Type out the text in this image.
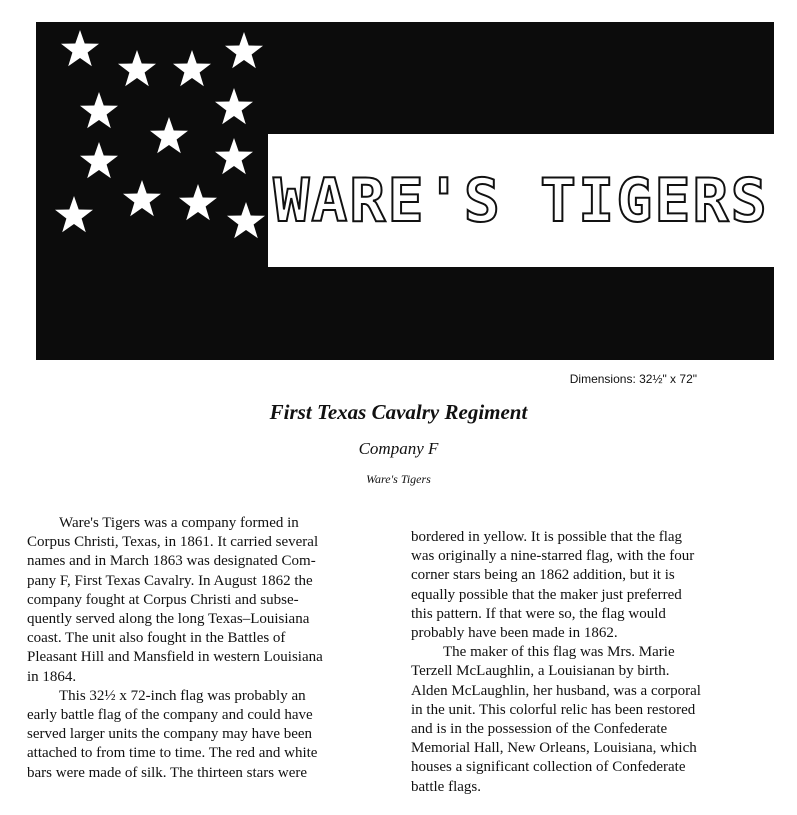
WARE'S TIGERS
Dimensions: 32½" x 72"
First Texas Cavalry Regiment
Company F
Ware's Tigers

Ware's Tigers was a company formed in

Corpus Christi, Texas, in 1861. It carried several

names and in March 1863 was designated Com-

pany F, First Texas Cavalry. In August 1862 the

company fought at Corpus Christi and subse-

quently served along the long Texas–Louisiana

coast. The unit also fought in the Battles of

Pleasant Hill and Mansfield in western Louisiana

in 1864.

This 32½ x 72-inch flag was probably an

early battle flag of the company and could have

served larger units the company may have been

attached to from time to time. The red and white

bars were made of silk. The thirteen stars were

bordered in yellow. It is possible that the flag

was originally a nine-starred flag, with the four

corner stars being an 1862 addition, but it is

equally possible that the maker just preferred

this pattern. If that were so, the flag would

probably have been made in 1862.

The maker of this flag was Mrs. Marie

Terzell McLaughlin, a Louisianan by birth.

Alden McLaughlin, her husband, was a corporal

in the unit. This colorful relic has been restored

and is in the possession of the Confederate

Memorial Hall, New Orleans, Louisiana, which

houses a significant collection of Confederate

battle flags.
